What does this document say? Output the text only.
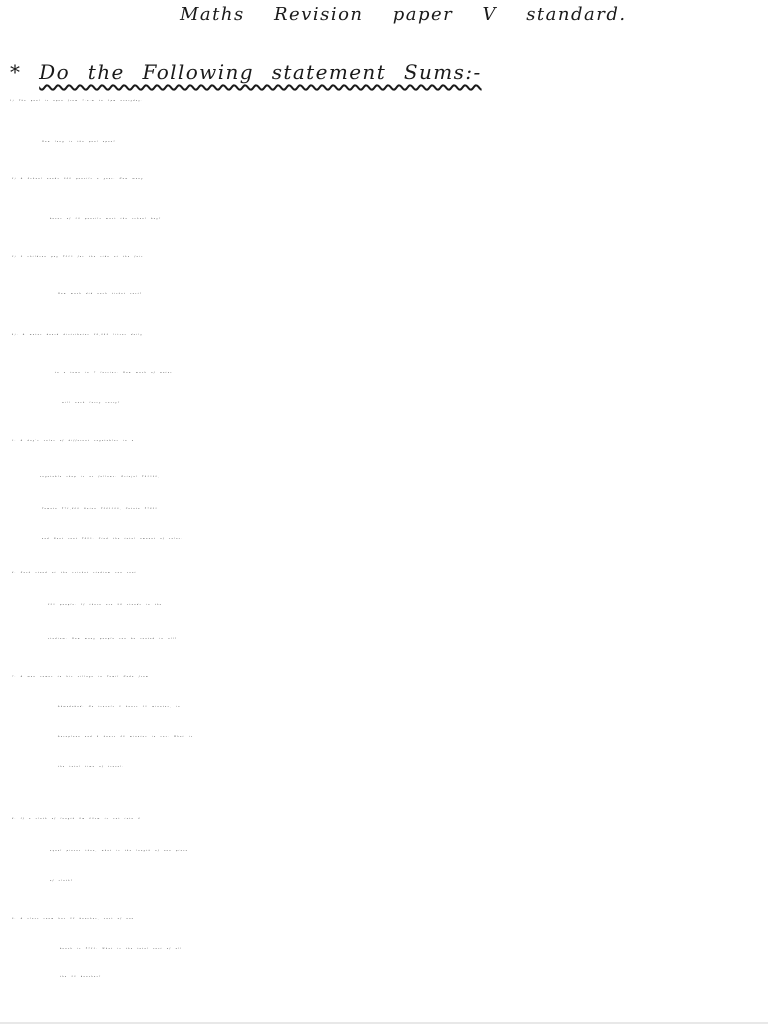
Maths Revision paper V standard.
* Do the Following statement Sums:-
1) The pool is open from 7.a.m to 5pm everyday.
How long is the pool open?
2) A School needs 960 pencils a year. How many
boxes of 50 pencils must the school buy?
3) 9 children pay ₹315 for the ride at the fair
How much did each ticket cost?
4). A water board distributes 28,049 litres daily
to a town in 7 lorries. How much of water
will each lorry carry?
5. A day's sales of different vegetables in a
vegetable shop is as follows. Brinjal ₹41500,
Tomato ₹71,800 Onion ₹261500, Potato ₹7825
and Beet root ₹825. Find the total amount of sales.
6. Each stand at the cricket stadium can seat
225 people. If there are 98 stands in the
stadium. How many people can be seated in all?
7. A man comes to his village in Tamil Nadu from
Ahmedabad. He travels 2 hours 15 minutes, in
Aeroplane and 4 hours 40 minutes in car. What is
the total time of travel.
8. If a cloth of length 8m 60cm is cut into 4
equal pieces then, what is the length of one piece
of cloth?
9. A class room has 23 benches, cost of one
bench is ₹725. What is the total cost of all
the 23 benches?
